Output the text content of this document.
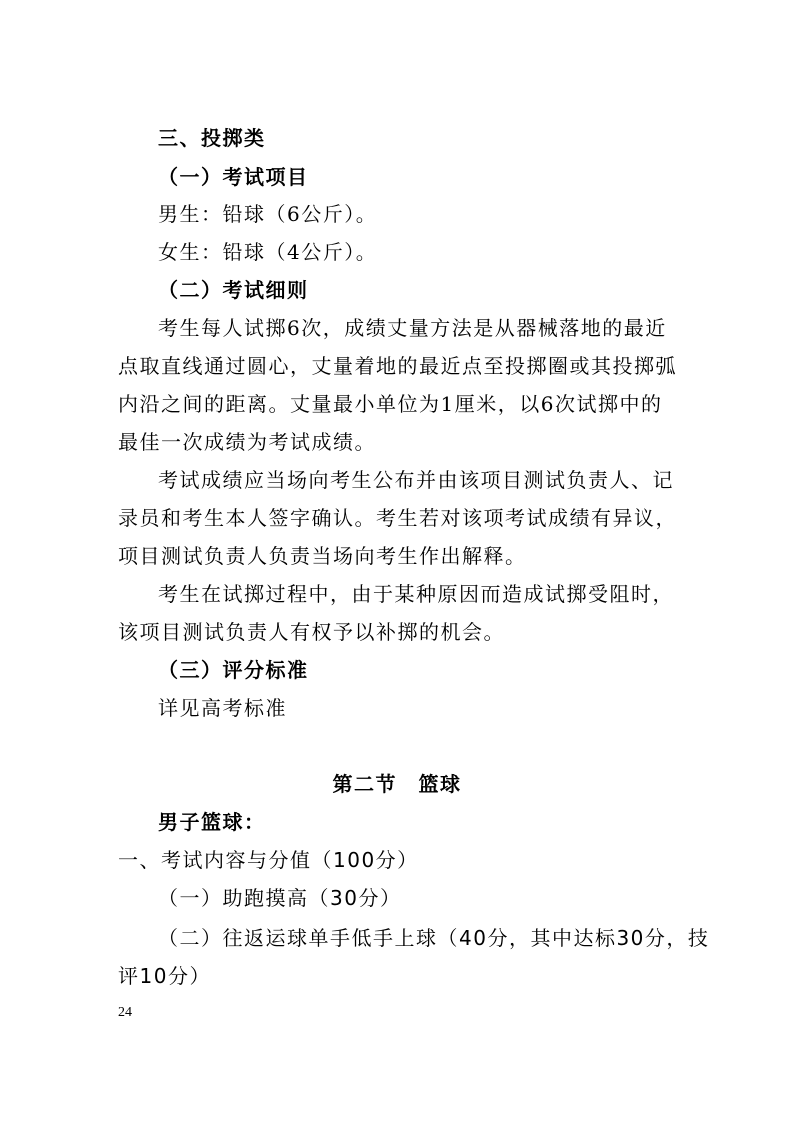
三、投掷类
（一）考试项目
男生：铅球（6公斤）。
女生：铅球（4公斤）。
（二）考试细则
考生每人试掷6次，成绩丈量方法是从器械落地的最近
点取直线通过圆心，丈量着地的最近点至投掷圈或其投掷弧
内沿之间的距离。丈量最小单位为1厘米，以6次试掷中的
最佳一次成绩为考试成绩。
考试成绩应当场向考生公布并由该项目测试负责人、记
录员和考生本人签字确认。考生若对该项考试成绩有异议，
项目测试负责人负责当场向考生作出解释。
考生在试掷过程中，由于某种原因而造成试掷受阻时，
该项目测试负责人有权予以补掷的机会。
（三）评分标准
详见高考标准
第二节　篮球
男子篮球：
一、考试内容与分值（100分）
（一）助跑摸高（30分）
（二）往返运球单手低手上球（40分，其中达标30分，技
评10分）
24
